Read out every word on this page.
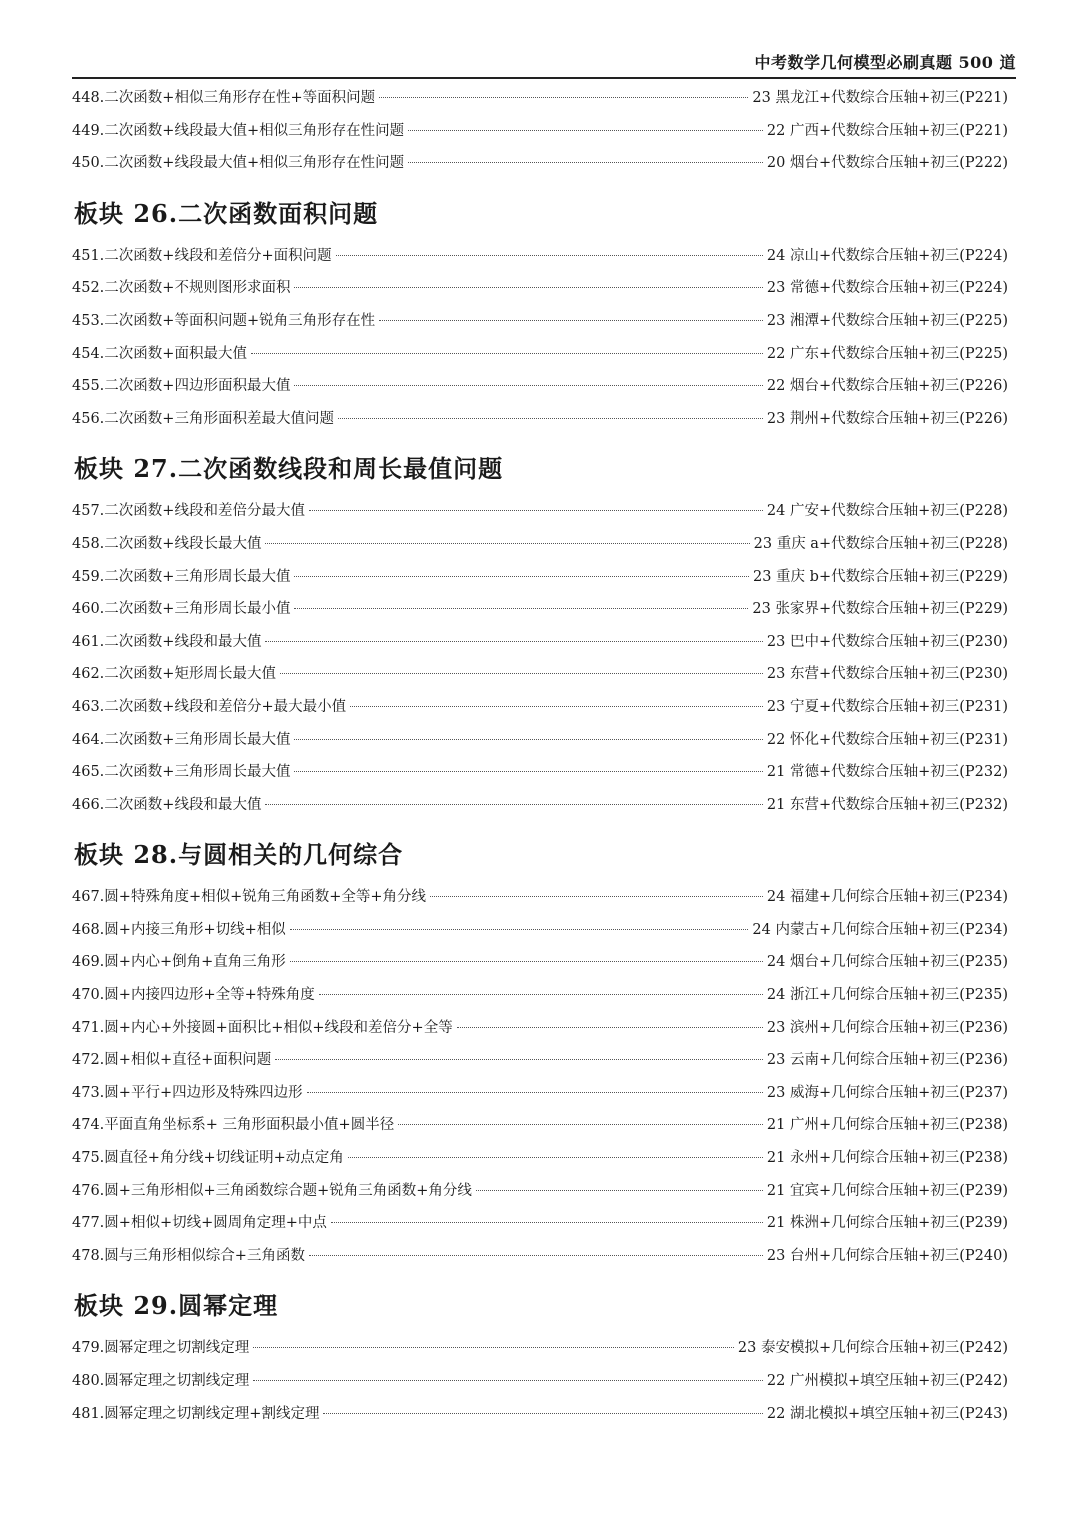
中考数学几何模型必刷真题 500 道
448. 二次函数+相似三角形存在性+等面积问题	23 黑龙江+代数综合压轴+初三(P221)
449. 二次函数+线段最大值+相似三角形存在性问题	22 广西+代数综合压轴+初三(P221)
450. 二次函数+线段最大值+相似三角形存在性问题	20 烟台+代数综合压轴+初三(P222)
板块 26.二次函数面积问题
451. 二次函数+线段和差倍分+面积问题	24 凉山+代数综合压轴+初三(P224)
452. 二次函数+不规则图形求面积	23 常德+代数综合压轴+初三(P224)
453. 二次函数+等面积问题+锐角三角形存在性	23 湘潭+代数综合压轴+初三(P225)
454. 二次函数+面积最大值	22 广东+代数综合压轴+初三(P225)
455. 二次函数+四边形面积最大值	22 烟台+代数综合压轴+初三(P226)
456. 二次函数+三角形面积差最大值问题	23 荆州+代数综合压轴+初三(P226)
板块 27.二次函数线段和周长最值问题
457. 二次函数+线段和差倍分最大值	24 广安+代数综合压轴+初三(P228)
458. 二次函数+线段长最大值	23 重庆 a+代数综合压轴+初三(P228)
459. 二次函数+三角形周长最大值	23 重庆 b+代数综合压轴+初三(P229)
460. 二次函数+三角形周长最小值	23 张家界+代数综合压轴+初三(P229)
461. 二次函数+线段和最大值	23 巴中+代数综合压轴+初三(P230)
462. 二次函数+矩形周长最大值	23 东营+代数综合压轴+初三(P230)
463. 二次函数+线段和差倍分+最大最小值	23 宁夏+代数综合压轴+初三(P231)
464. 二次函数+三角形周长最大值	22 怀化+代数综合压轴+初三(P231)
465. 二次函数+三角形周长最大值	21 常德+代数综合压轴+初三(P232)
466. 二次函数+线段和最大值	21 东营+代数综合压轴+初三(P232)
板块 28.与圆相关的几何综合
467. 圆+特殊角度+相似+锐角三角函数+全等+角分线	24 福建+几何综合压轴+初三(P234)
468. 圆+内接三角形+切线+相似	24 内蒙古+几何综合压轴+初三(P234)
469. 圆+内心+倒角+直角三角形	24 烟台+几何综合压轴+初三(P235)
470. 圆+内接四边形+全等+特殊角度	24 浙江+几何综合压轴+初三(P235)
471. 圆+内心+外接圆+面积比+相似+线段和差倍分+全等	23 滨州+几何综合压轴+初三(P236)
472. 圆+相似+直径+面积问题	23 云南+几何综合压轴+初三(P236)
473. 圆+平行+四边形及特殊四边形	23 威海+几何综合压轴+初三(P237)
474. 平面直角坐标系+ 三角形面积最小值+圆半径	21 广州+几何综合压轴+初三(P238)
475. 圆直径+角分线+切线证明+动点定角	21 永州+几何综合压轴+初三(P238)
476. 圆+三角形相似+三角函数综合题+锐角三角函数+角分线	21 宜宾+几何综合压轴+初三(P239)
477. 圆+相似+切线+圆周角定理+中点	21 株洲+几何综合压轴+初三(P239)
478. 圆与三角形相似综合+三角函数	23 台州+几何综合压轴+初三(P240)
板块 29.圆幂定理
479. 圆幂定理之切割线定理	23 泰安模拟+几何综合压轴+初三(P242)
480. 圆幂定理之切割线定理	22 广州模拟+填空压轴+初三(P242)
481. 圆幂定理之切割线定理+割线定理	22 湖北模拟+填空压轴+初三(P243)
